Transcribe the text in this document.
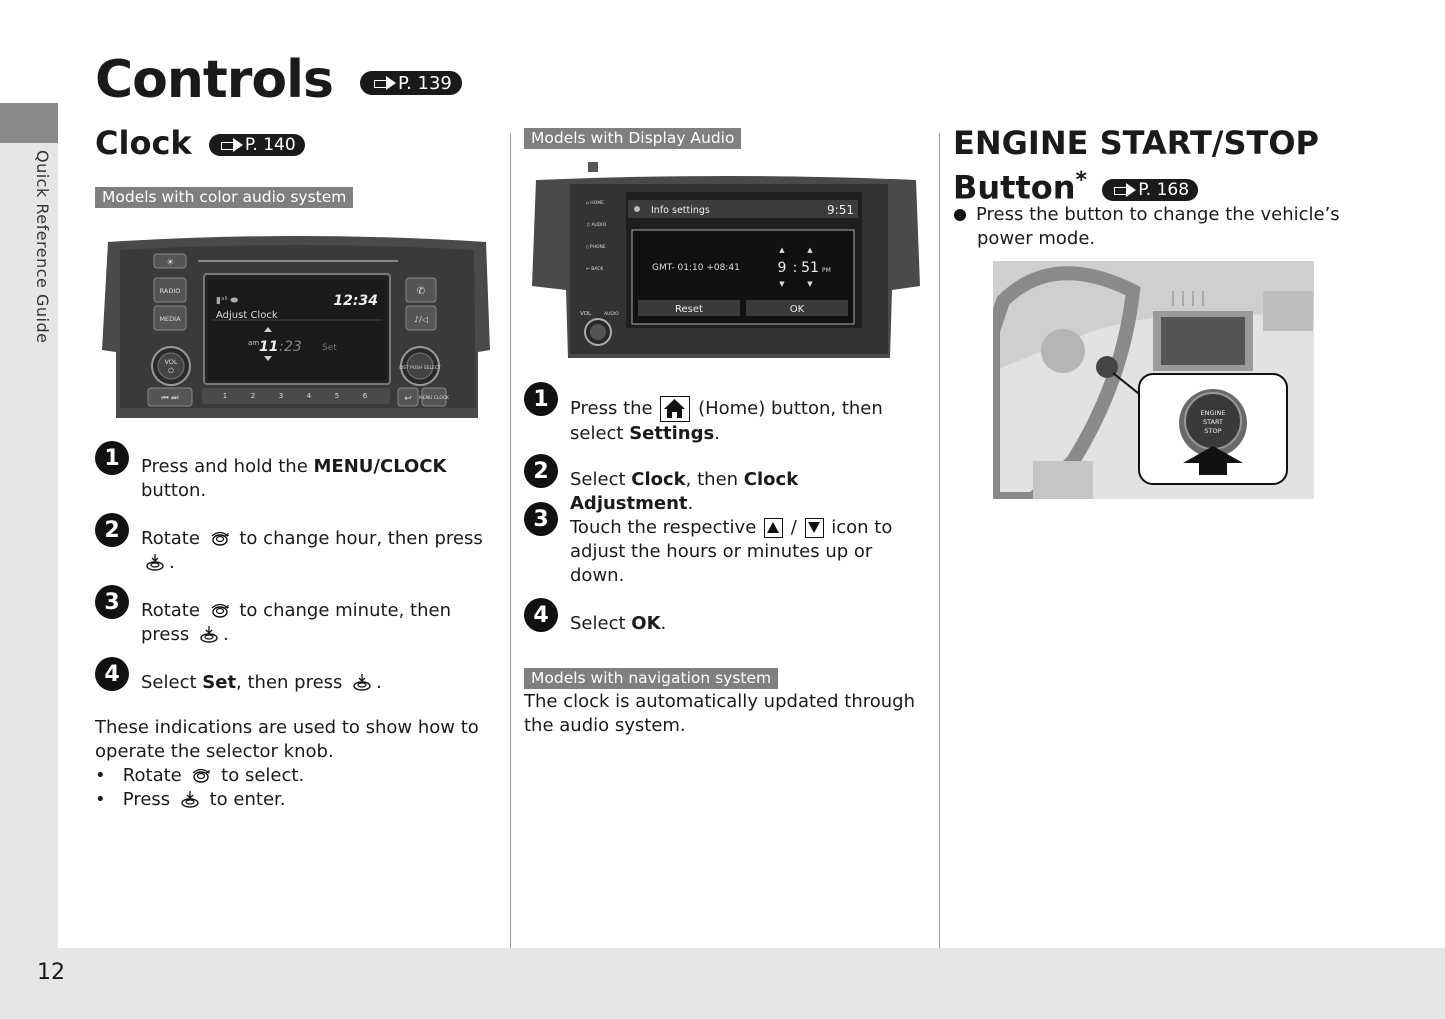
Quick Reference Guide
12
Controls	P. 139
Clock	P. 140
Models with color audio system
☀
RADIO
MEDIA
VOL
⏻
⏮ ⏭
▮ᵃˡˡ ⬬
Adjust Clock
12:34
am 11 : 23 Set
1	2	3	4	5	6
✆
♪/◁
LIST PUSH SELECT
↩ MENU CLOCK
1	Press and hold the MENU/CLOCK button.
2	Rotate  to change hour, then press .
3	Rotate  to change minute, then press .
4	Select Set, then press .
These indications are used to show how to
operate the selector knob.
•   Rotate  to select.
•   Press  to enter.
Models with Display Audio
⌂ HOME
♫ AUDIO
▯ PHONE
↩ BACK
VOL	AUDIO
Info settings	9:51
GMT- 01:10 +08:41
▲	▲
▼	▼
9 : 51 PM
Reset	OK
1	Press the  (Home) button, then select Settings.
2	Select Clock, then Clock Adjustment.
3	Touch the respective  /  icon to adjust the hours or minutes up or down.
4	Select OK.
Models with navigation system
The clock is automatically updated through the audio system.
ENGINE START/STOP
Button*	P. 168
Press the button to change the vehicle’s power mode.
ENGINE
START
STOP
